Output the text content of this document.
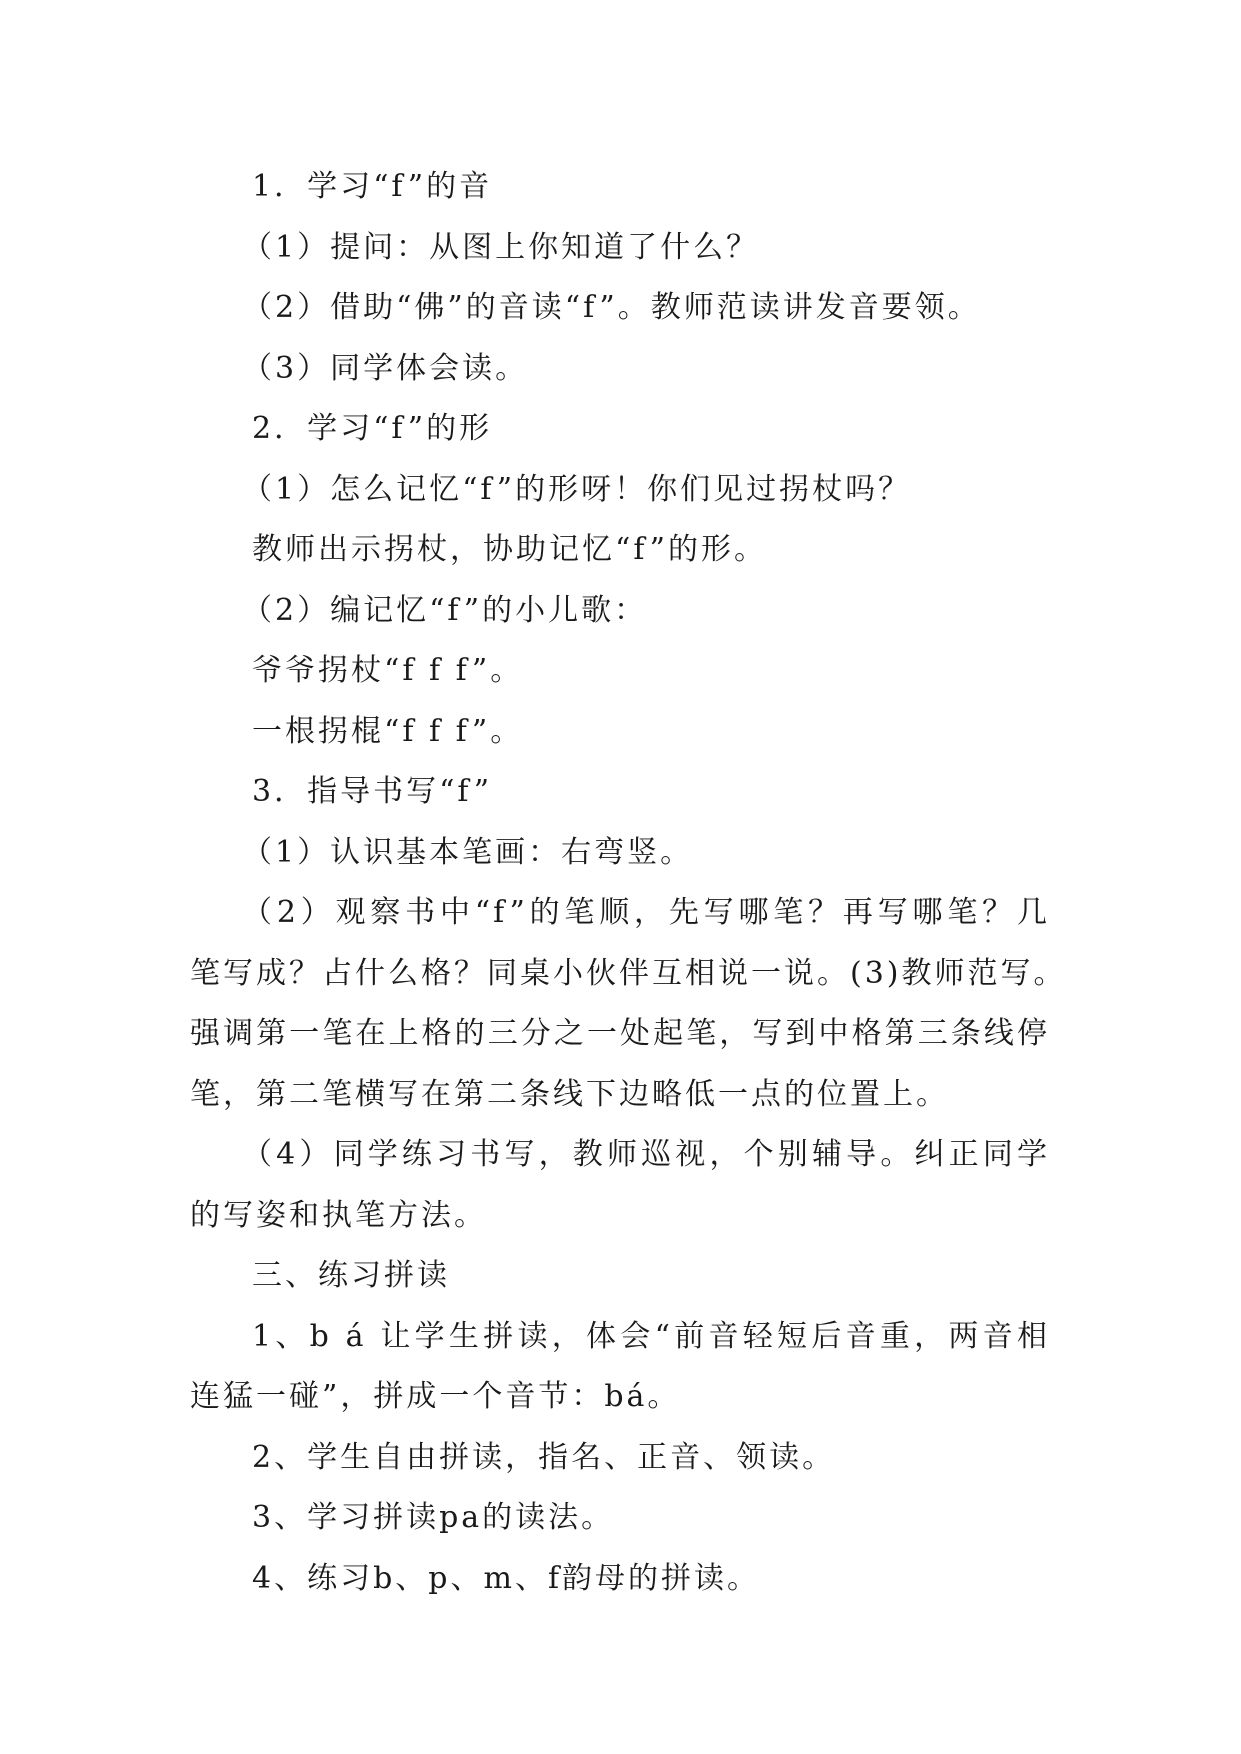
1．学习“f”的音
（1）提问：从图上你知道了什么？
（2）借助“佛”的音读“f”。教师范读讲发音要领。
（3）同学体会读。
2．学习“f”的形
（1）怎么记忆“f”的形呀！你们见过拐杖吗？
教师出示拐杖，协助记忆“f”的形。
（2）编记忆“f”的小儿歌：
爷爷拐杖“f f f”。
一根拐棍“f f f”。
3．指导书写“f”
（1）认识基本笔画：右弯竖。
（2）观察书中“f”的笔顺，先写哪笔？再写哪笔？几
笔写成？占什么格？同桌小伙伴互相说一说。(3)教师范写。
强调第一笔在上格的三分之一处起笔，写到中格第三条线停
笔，第二笔横写在第二条线下边略低一点的位置上。
（4）同学练习书写，教师巡视，个别辅导。纠正同学
的写姿和执笔方法。
三、练习拼读
1、b á 让学生拼读，体会“前音轻短后音重，两音相
连猛一碰”，拼成一个音节：bá。
2、学生自由拼读，指名、正音、领读。
3、学习拼读pa的读法。
4、练习b、p、m、f韵母的拼读。
